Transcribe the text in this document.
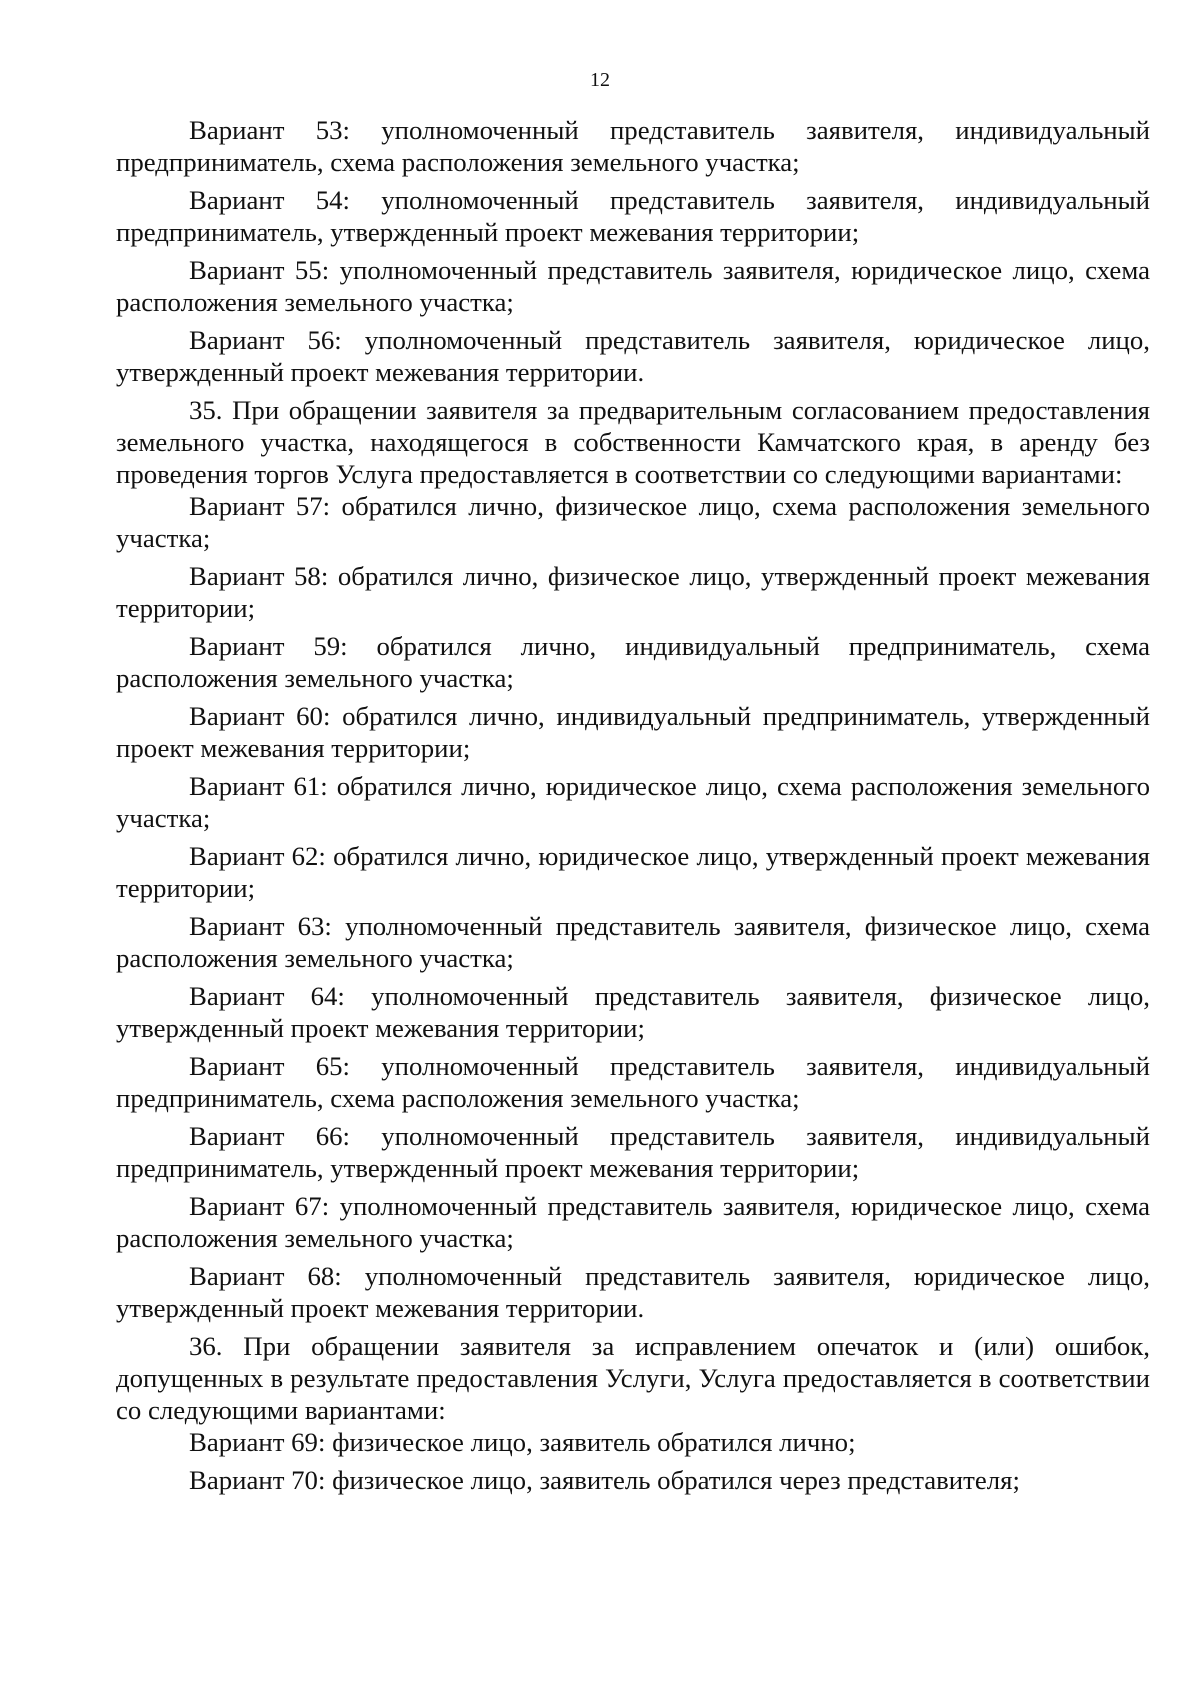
12

Вариант 53: уполномоченный представитель заявителя, индивидуальный предприниматель, схема расположения земельного участка;

Вариант 54: уполномоченный представитель заявителя, индивидуальный предприниматель, утвержденный проект межевания территории;

Вариант 55: уполномоченный представитель заявителя, юридическое лицо, схема расположения земельного участка;

Вариант 56: уполномоченный представитель заявителя, юридическое лицо, утвержденный проект межевания территории.

35. При обращении заявителя за предварительным согласованием предоставления земельного участка, находящегося в собственности Камчатского края, в аренду без проведения торгов Услуга предоставляется в соответствии со следующими вариантами:

Вариант 57: обратился лично, физическое лицо, схема расположения земельного участка;

Вариант 58: обратился лично, физическое лицо, утвержденный проект межевания территории;

Вариант 59: обратился лично, индивидуальный предприниматель, схема расположения земельного участка;

Вариант 60: обратился лично, индивидуальный предприниматель, утвержденный проект межевания территории;

Вариант 61: обратился лично, юридическое лицо, схема расположения земельного участка;

Вариант 62: обратился лично, юридическое лицо, утвержденный проект межевания территории;

Вариант 63: уполномоченный представитель заявителя, физическое лицо, схема расположения земельного участка;

Вариант 64: уполномоченный представитель заявителя, физическое лицо, утвержденный проект межевания территории;

Вариант 65: уполномоченный представитель заявителя, индивидуальный предприниматель, схема расположения земельного участка;

Вариант 66: уполномоченный представитель заявителя, индивидуальный предприниматель, утвержденный проект межевания территории;

Вариант 67: уполномоченный представитель заявителя, юридическое лицо, схема расположения земельного участка;

Вариант 68: уполномоченный представитель заявителя, юридическое лицо, утвержденный проект межевания территории.

36. При обращении заявителя за исправлением опечаток и (или) ошибок, допущенных в результате предоставления Услуги, Услуга предоставляется в соответствии со следующими вариантами:

Вариант 69: физическое лицо, заявитель обратился лично;

Вариант 70: физическое лицо, заявитель обратился через представителя;
